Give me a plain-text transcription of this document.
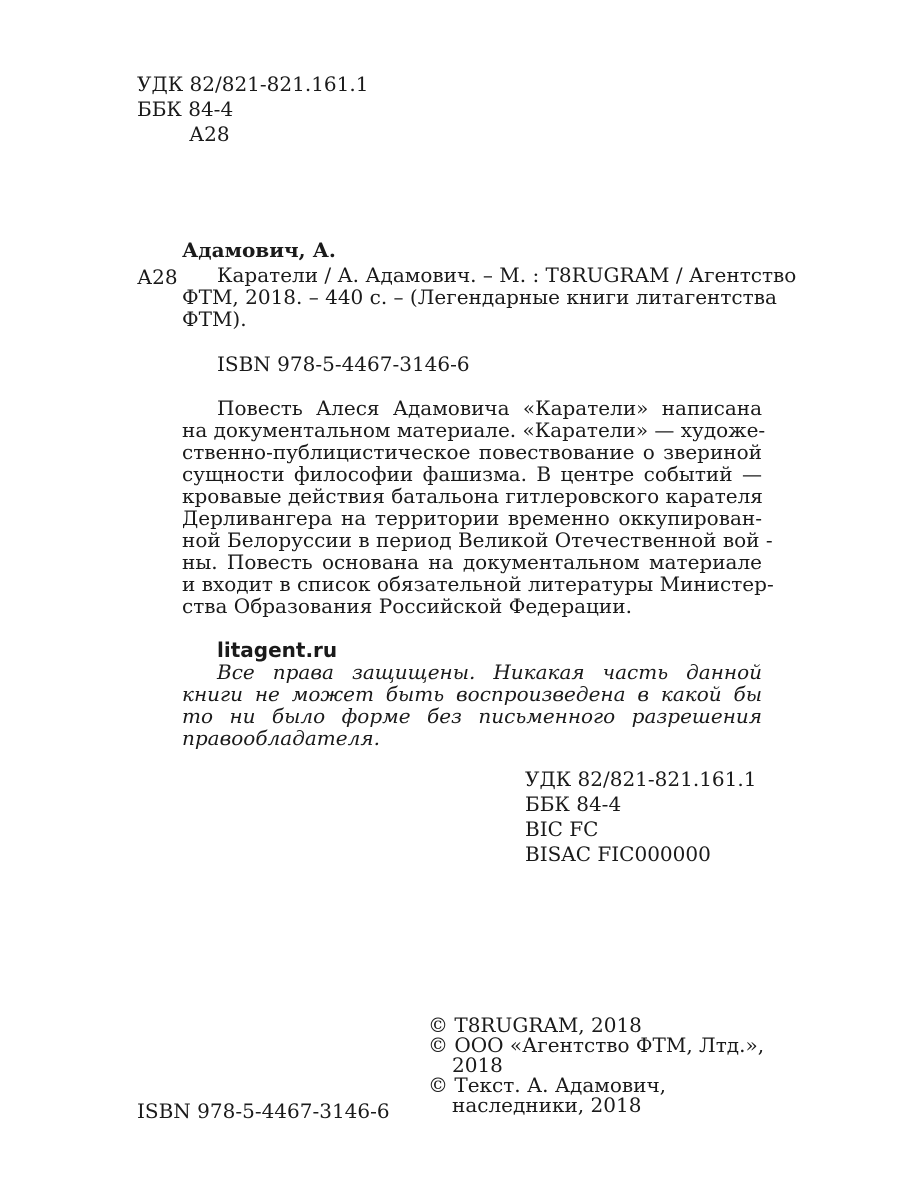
УДК 82/821-821.161.1
ББК 84-4
А28
Адамович, А.
А28	Каратели / А. Адамович. – М. : T8RUGRAM / Агентство
ФТМ, 2018. – 440 с. – (Легендарные книги литагентства
ФТМ).
ISBN 978-5-4467-3146-6
Повесть Алеся Адамовича «Каратели» написана
на документальном материале. «Каратели» — художе-
ственно-публицистическое повествование о звериной
сущности философии фашизма. В центре событий —
кровавые действия батальона гитлеровского карателя
Дерливангера на территории временно оккупирован-
ной Белоруссии в период Великой Отечественной вой -
ны. Повесть основана на документальном материале
и входит в список обязательной литературы Министер-
ства Образования Российской Федерации.
litagent.ru
Все права защищены. Никакая часть данной
книги не может быть воспроизведена в какой бы
то ни было форме без письменного разрешения
правообладателя.
УДК 82/821-821.161.1
ББК 84-4
BIC FC
BISAC FIC000000
© T8RUGRAM, 2018
© ООО «Агентство ФТМ, Лтд.»,
2018
© Текст. А. Адамович,
наследники, 2018
ISBN 978-5-4467-3146-6
